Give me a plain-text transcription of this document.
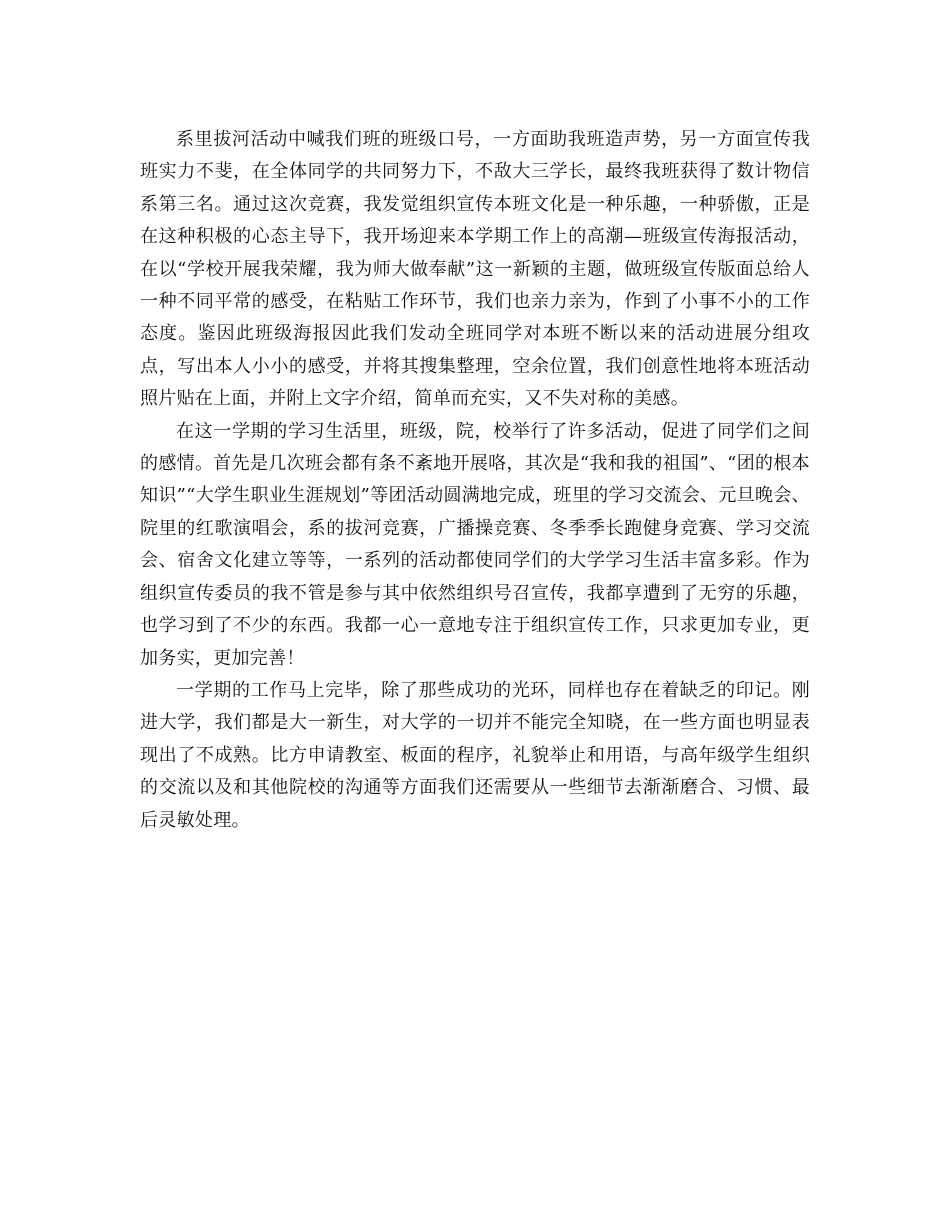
系里拔河活动中喊我们班的班级口号，一方面助我班造声势，另一方面宣传我班实力不斐，在全体同学的共同努力下，不敌大三学长，最终我班获得了数计物信系第三名。通过这次竞赛，我发觉组织宣传本班文化是一种乐趣，一种骄傲，正是在这种积极的心态主导下，我开场迎来本学期工作上的高潮—班级宣传海报活动，在以“学校开展我荣耀，我为师大做奉献”这一新颖的主题，做班级宣传版面总给人一种不同平常的感受，在粘贴工作环节，我们也亲力亲为，作到了小事不小的工作态度。鉴因此班级海报因此我们发动全班同学对本班不断以来的活动进展分组攻点，写出本人小小的感受，并将其搜集整理，空余位置，我们创意性地将本班活动照片贴在上面，并附上文字介绍，简单而充实，又不失对称的美感。

在这一学期的学习生活里，班级，院，校举行了许多活动，促进了同学们之间的感情。首先是几次班会都有条不紊地开展咯，其次是“我和我的祖国”、“团的根本知识”“大学生职业生涯规划”等团活动圆满地完成，班里的学习交流会、元旦晚会、院里的红歌演唱会，系的拔河竞赛，广播操竞赛、冬季季长跑健身竞赛、学习交流会、宿舍文化建立等等，一系列的活动都使同学们的大学学习生活丰富多彩。作为组织宣传委员的我不管是参与其中依然组织号召宣传，我都享遭到了无穷的乐趣，也学习到了不少的东西。我都一心一意地专注于组织宣传工作，只求更加专业，更加务实，更加完善！

一学期的工作马上完毕，除了那些成功的光环，同样也存在着缺乏的印记。刚进大学，我们都是大一新生，对大学的一切并不能完全知晓，在一些方面也明显表现出了不成熟。比方申请教室、板面的程序，礼貌举止和用语，与高年级学生组织的交流以及和其他院校的沟通等方面我们还需要从一些细节去渐渐磨合、习惯、最后灵敏处理。
